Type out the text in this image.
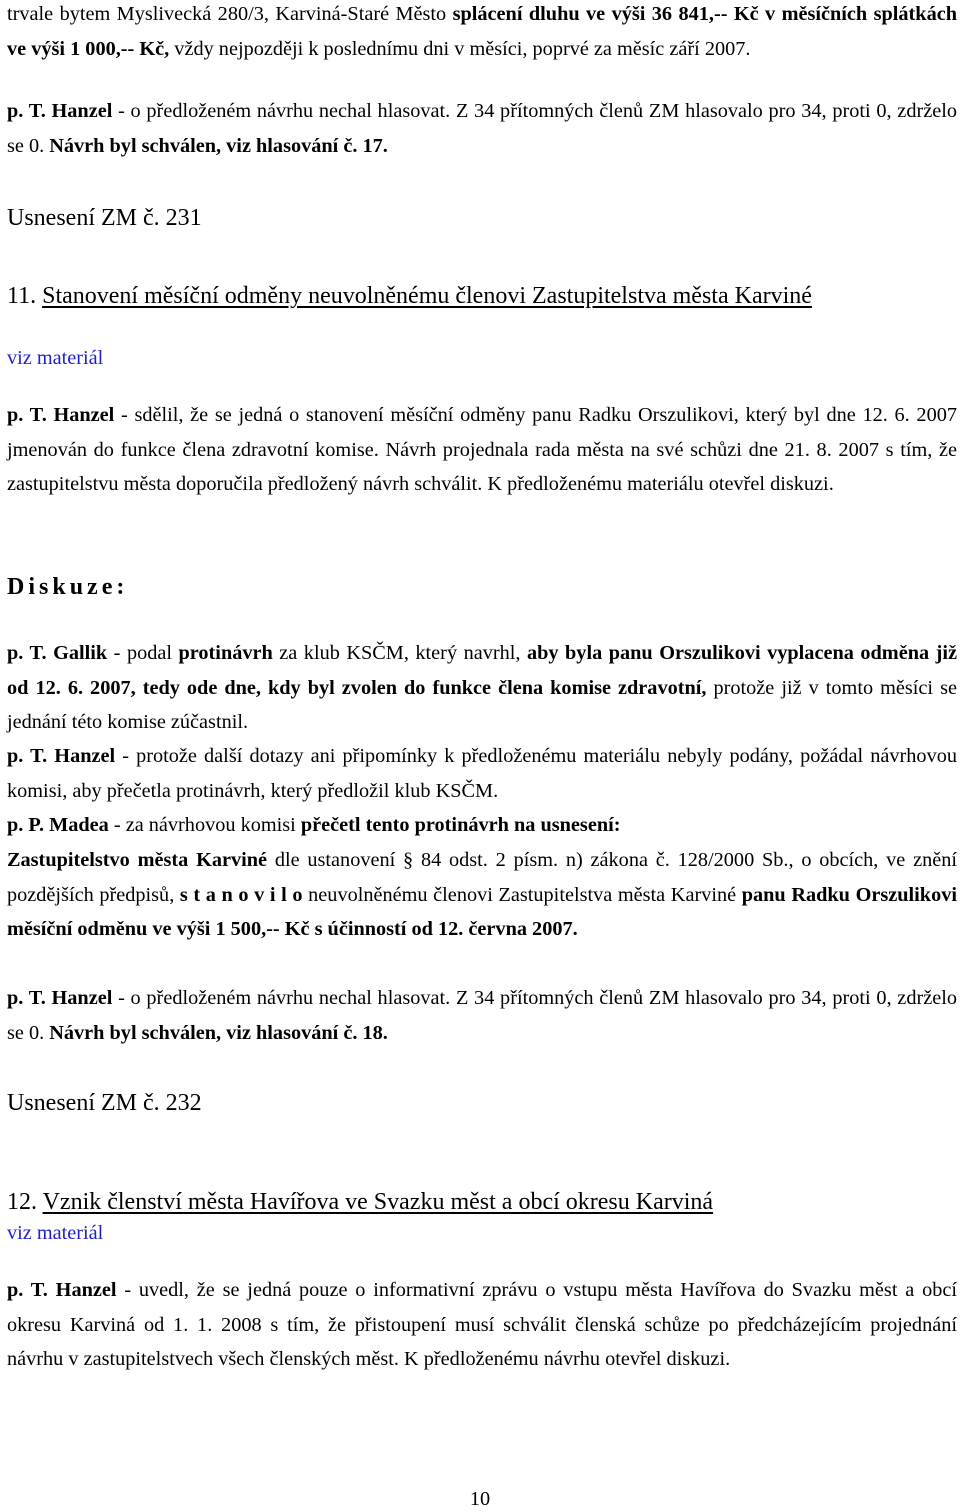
trvale bytem Myslivecká 280/3, Karviná-Staré Město splácení dluhu ve výši 36 841,-- Kč v měsíčních splátkách ve výši 1 000,-- Kč, vždy nejpozději k poslednímu dni v měsíci, poprvé za měsíc září 2007.

p. T. Hanzel - o předloženém návrhu nechal hlasovat. Z 34 přítomných členů ZM hlasovalo pro 34, proti 0, zdrželo se 0. Návrh byl schválen, viz hlasování č. 17.

Usnesení ZM č. 231
11. Stanovení měsíční odměny neuvolněnému členovi Zastupitelstva města Karviné
viz materiál

p. T. Hanzel - sdělil, že se jedná o stanovení měsíční odměny panu Radku Orszulikovi, který byl dne 12. 6. 2007 jmenován do funkce člena zdravotní komise. Návrh projednala rada města na své schůzi dne 21. 8. 2007 s tím, že zastupitelstvu města doporučila předložený návrh schválit. K předloženému materiálu otevřel diskuzi.

Diskuze:

p. T. Gallik - podal protinávrh za klub KSČM, který navrhl, aby byla panu Orszulikovi vyplacena odměna již od 12. 6. 2007, tedy ode dne, kdy byl zvolen do funkce člena komise zdravotní, protože již v tomto měsíci se jednání této komise zúčastnil.

p. T. Hanzel - protože další dotazy ani připomínky k předloženému materiálu nebyly podány, požádal návrhovou komisi, aby přečetla protinávrh, který předložil klub KSČM.

p. P. Madea - za návrhovou komisi přečetl tento protinávrh na usnesení:

Zastupitelstvo města Karviné dle ustanovení § 84 odst. 2 písm. n) zákona č. 128/2000 Sb., o obcích, ve znění pozdějších předpisů, s t a n o v i l o neuvolněnému členovi Zastupitelstva města Karviné panu Radku Orszulikovi měsíční odměnu ve výši 1 500,-- Kč s účinností od 12. června 2007.

p. T. Hanzel - o předloženém návrhu nechal hlasovat. Z 34 přítomných členů ZM hlasovalo pro 34, proti 0, zdrželo se 0. Návrh byl schválen, viz hlasování č. 18.

Usnesení ZM č. 232
12. Vznik členství města Havířova ve Svazku měst a obcí okresu Karviná
viz materiál

p. T. Hanzel - uvedl, že se jedná pouze o informativní zprávu o vstupu města Havířova do Svazku měst a obcí okresu Karviná od 1. 1. 2008 s tím, že přistoupení musí schválit členská schůze po předcházejícím projednání návrhu v zastupitelstvech všech členských měst. K předloženému návrhu otevřel diskuzi.

10
